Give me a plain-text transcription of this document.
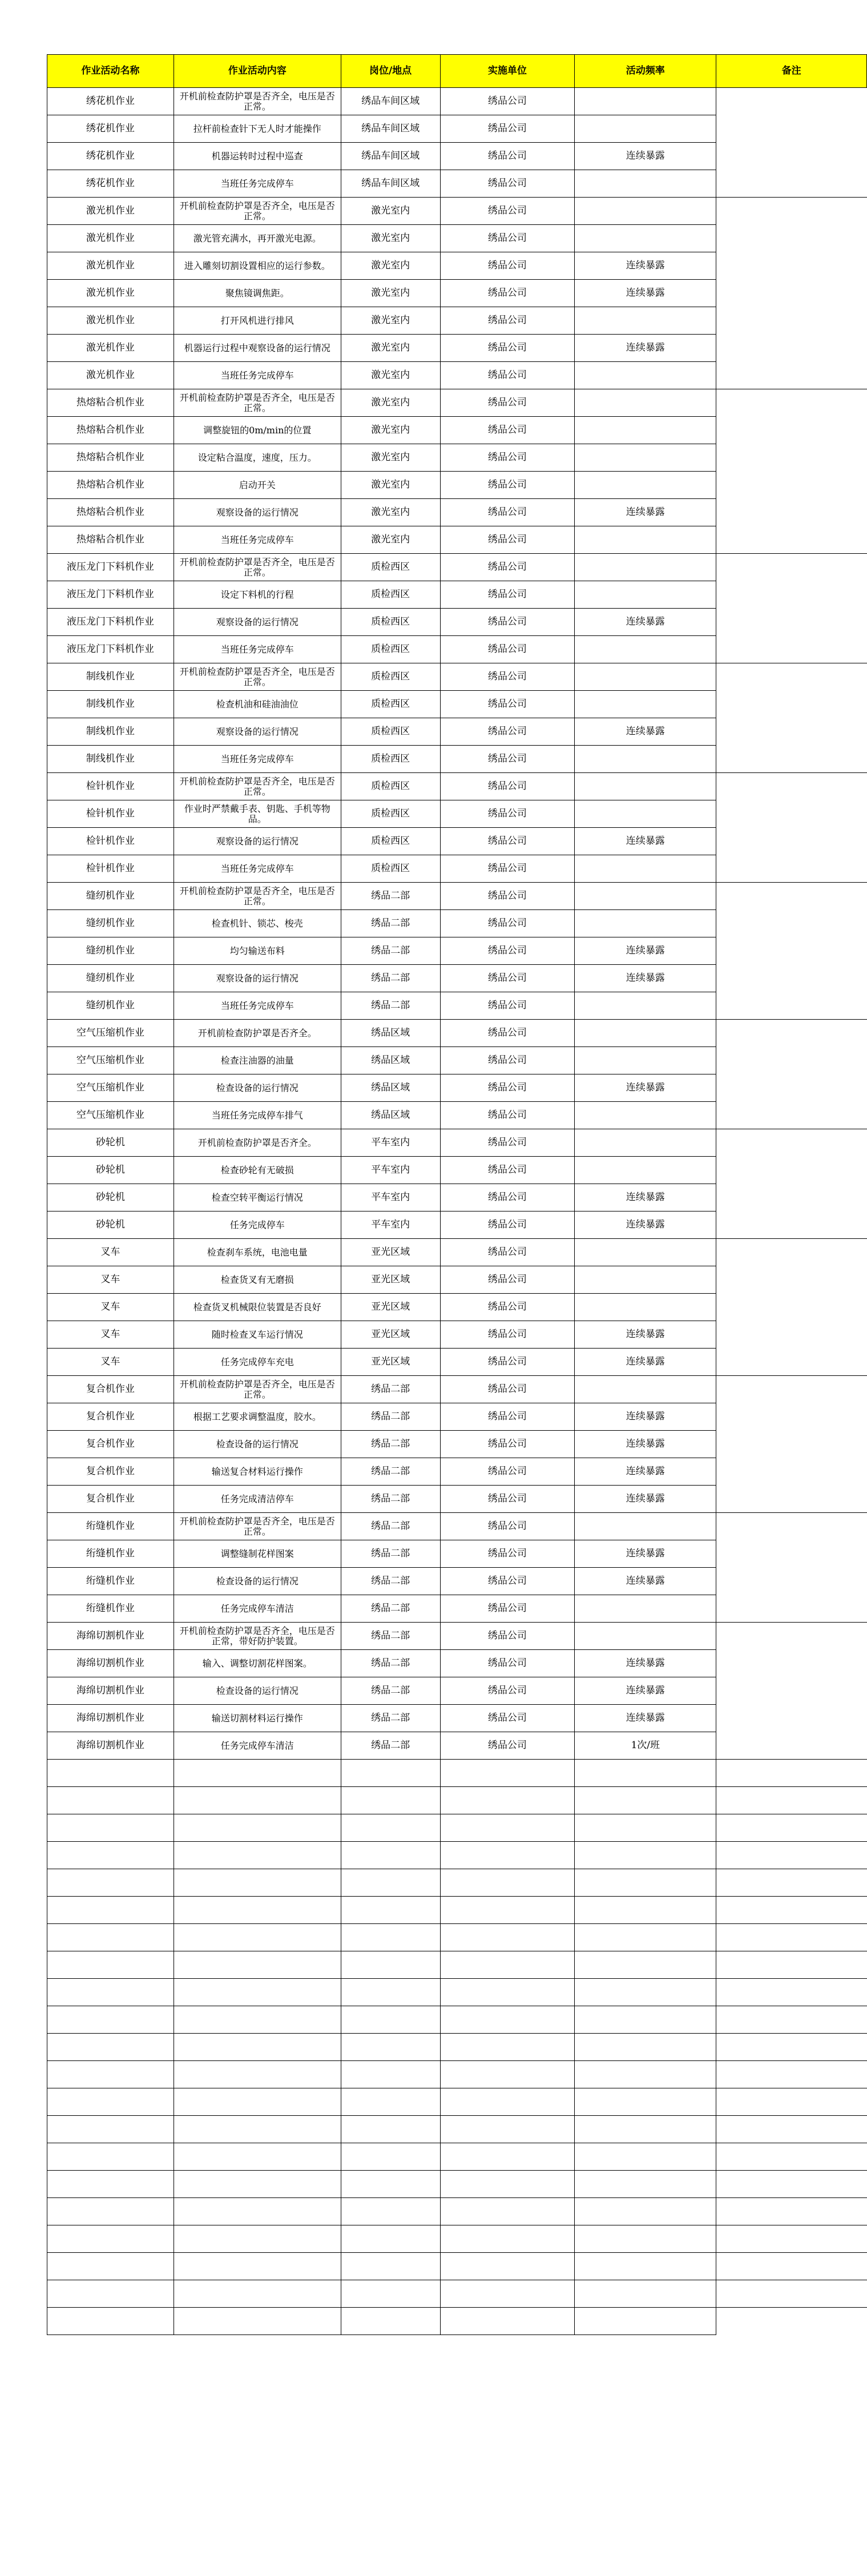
作业活动名称	作业活动内容	岗位/地点	实施单位	活动频率	备注
绣花机作业	开机前检查防护罩是否齐全，电压是否正常。	绣品车间区域	绣品公司		
绣花机作业	拉杆前检查针下无人时才能操作	绣品车间区域	绣品公司		
绣花机作业	机器运转时过程中巡查	绣品车间区域	绣品公司	连续暴露	
绣花机作业	当班任务完成停车	绣品车间区域	绣品公司		
激光机作业	开机前检查防护罩是否齐全，电压是否正常。	激光室内	绣品公司		
激光机作业	激光管充满水，再开激光电源。	激光室内	绣品公司		
激光机作业	进入雕刻切割设置相应的运行参数。	激光室内	绣品公司	连续暴露	
激光机作业	聚焦镜调焦距。	激光室内	绣品公司	连续暴露	
激光机作业	打开风机进行排风	激光室内	绣品公司		
激光机作业	机器运行过程中观察设备的运行情况	激光室内	绣品公司	连续暴露	
激光机作业	当班任务完成停车	激光室内	绣品公司		
热熔粘合机作业	开机前检查防护罩是否齐全，电压是否正常。	激光室内	绣品公司		
热熔粘合机作业	调整旋钮的0m/min的位置	激光室内	绣品公司		
热熔粘合机作业	设定粘合温度，速度，压力。	激光室内	绣品公司		
热熔粘合机作业	启动开关	激光室内	绣品公司		
热熔粘合机作业	观察设备的运行情况	激光室内	绣品公司	连续暴露	
热熔粘合机作业	当班任务完成停车	激光室内	绣品公司		
液压龙门下料机作业	开机前检查防护罩是否齐全，电压是否正常。	质检西区	绣品公司		
液压龙门下料机作业	设定下料机的行程	质检西区	绣品公司		
液压龙门下料机作业	观察设备的运行情况	质检西区	绣品公司	连续暴露	
液压龙门下料机作业	当班任务完成停车	质检西区	绣品公司		
制线机作业	开机前检查防护罩是否齐全，电压是否正常。	质检西区	绣品公司		
制线机作业	检查机油和硅油油位	质检西区	绣品公司		
制线机作业	观察设备的运行情况	质检西区	绣品公司	连续暴露	
制线机作业	当班任务完成停车	质检西区	绣品公司		
检针机作业	开机前检查防护罩是否齐全，电压是否正常。	质检西区	绣品公司		
检针机作业	作业时严禁戴手表、钥匙、手机等物品。	质检西区	绣品公司		
检针机作业	观察设备的运行情况	质检西区	绣品公司	连续暴露	
检针机作业	当班任务完成停车	质检西区	绣品公司		
缝纫机作业	开机前检查防护罩是否齐全，电压是否正常。	绣品二部	绣品公司		
缝纫机作业	检查机针、锁芯、梭壳	绣品二部	绣品公司		
缝纫机作业	均匀输送布料	绣品二部	绣品公司	连续暴露	
缝纫机作业	观察设备的运行情况	绣品二部	绣品公司	连续暴露	
缝纫机作业	当班任务完成停车	绣品二部	绣品公司		
空气压缩机作业	开机前检查防护罩是否齐全。	绣品区域	绣品公司		
空气压缩机作业	检查注油器的油量	绣品区域	绣品公司		
空气压缩机作业	检查设备的运行情况	绣品区域	绣品公司	连续暴露	
空气压缩机作业	当班任务完成停车排气	绣品区域	绣品公司		
砂轮机	开机前检查防护罩是否齐全。	平车室内	绣品公司		
砂轮机	检查砂轮有无破损	平车室内	绣品公司		
砂轮机	检查空转平衡运行情况	平车室内	绣品公司	连续暴露	
砂轮机	任务完成停车	平车室内	绣品公司	连续暴露	
叉车	检查刹车系统，电池电量	亚光区域	绣品公司		
叉车	检查货叉有无磨损	亚光区域	绣品公司		
叉车	检查货叉机械限位装置是否良好	亚光区域	绣品公司		
叉车	随时检查叉车运行情况	亚光区域	绣品公司	连续暴露	
叉车	任务完成停车充电	亚光区域	绣品公司	连续暴露	
复合机作业	开机前检查防护罩是否齐全，电压是否正常。	绣品二部	绣品公司		
复合机作业	根据工艺要求调整温度，胶水。	绣品二部	绣品公司	连续暴露	
复合机作业	检查设备的运行情况	绣品二部	绣品公司	连续暴露	
复合机作业	输送复合材料运行操作	绣品二部	绣品公司	连续暴露	
复合机作业	任务完成清洁停车	绣品二部	绣品公司	连续暴露	
绗缝机作业	开机前检查防护罩是否齐全，电压是否正常。	绣品二部	绣品公司		
绗缝机作业	调整缝制花样图案	绣品二部	绣品公司	连续暴露	
绗缝机作业	检查设备的运行情况	绣品二部	绣品公司	连续暴露	
绗缝机作业	任务完成停车清洁	绣品二部	绣品公司		
海绵切割机作业	开机前检查防护罩是否齐全，电压是否正常，带好防护装置。	绣品二部	绣品公司		
海绵切割机作业	输入、调整切割花样图案。	绣品二部	绣品公司	连续暴露	
海绵切割机作业	检查设备的运行情况	绣品二部	绣品公司	连续暴露	
海绵切割机作业	输送切割材料运行操作	绣品二部	绣品公司	连续暴露	
海绵切割机作业	任务完成停车清洁	绣品二部	绣品公司	1次/班	
